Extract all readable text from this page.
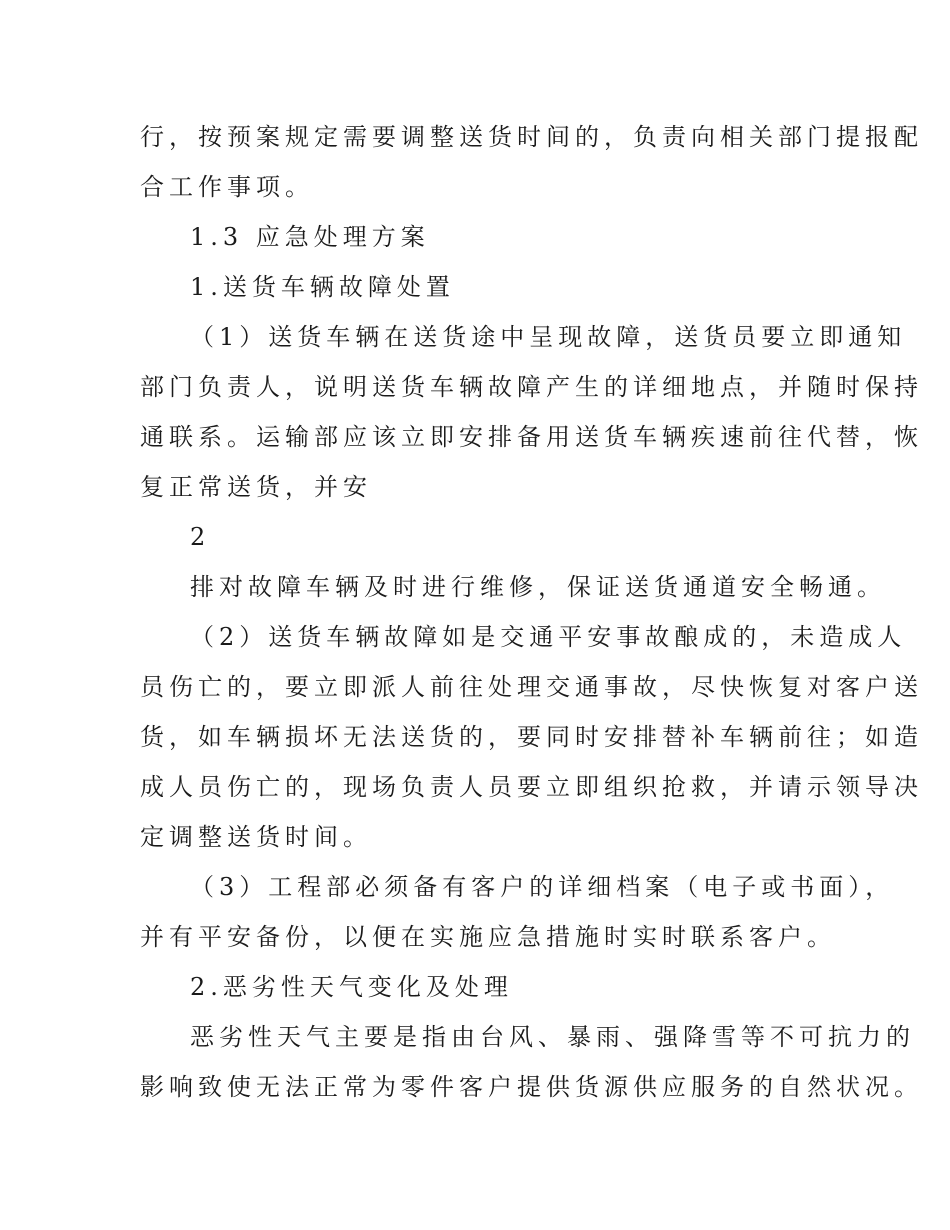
行，按预案规定需要调整送货时间的，负责向相关部门提报配
合工作事项。
1.3 应急处理方案
1.送货车辆故障处置
（1）送货车辆在送货途中呈现故障，送货员要立即通知
部门负责人，说明送货车辆故障产生的详细地点，并随时保持
通联系。运输部应该立即安排备用送货车辆疾速前往代替，恢
复正常送货，并安
2
排对故障车辆及时进行维修，保证送货通道安全畅通。
（2）送货车辆故障如是交通平安事故酿成的，未造成人
员伤亡的，要立即派人前往处理交通事故，尽快恢复对客户送
货，如车辆损坏无法送货的，要同时安排替补车辆前往；如造
成人员伤亡的，现场负责人员要立即组织抢救，并请示领导决
定调整送货时间。
（3）工程部必须备有客户的详细档案（电子或书面），
并有平安备份，以便在实施应急措施时实时联系客户。
2.恶劣性天气变化及处理
恶劣性天气主要是指由台风、暴雨、强降雪等不可抗力的
影响致使无法正常为零件客户提供货源供应服务的自然状况。
